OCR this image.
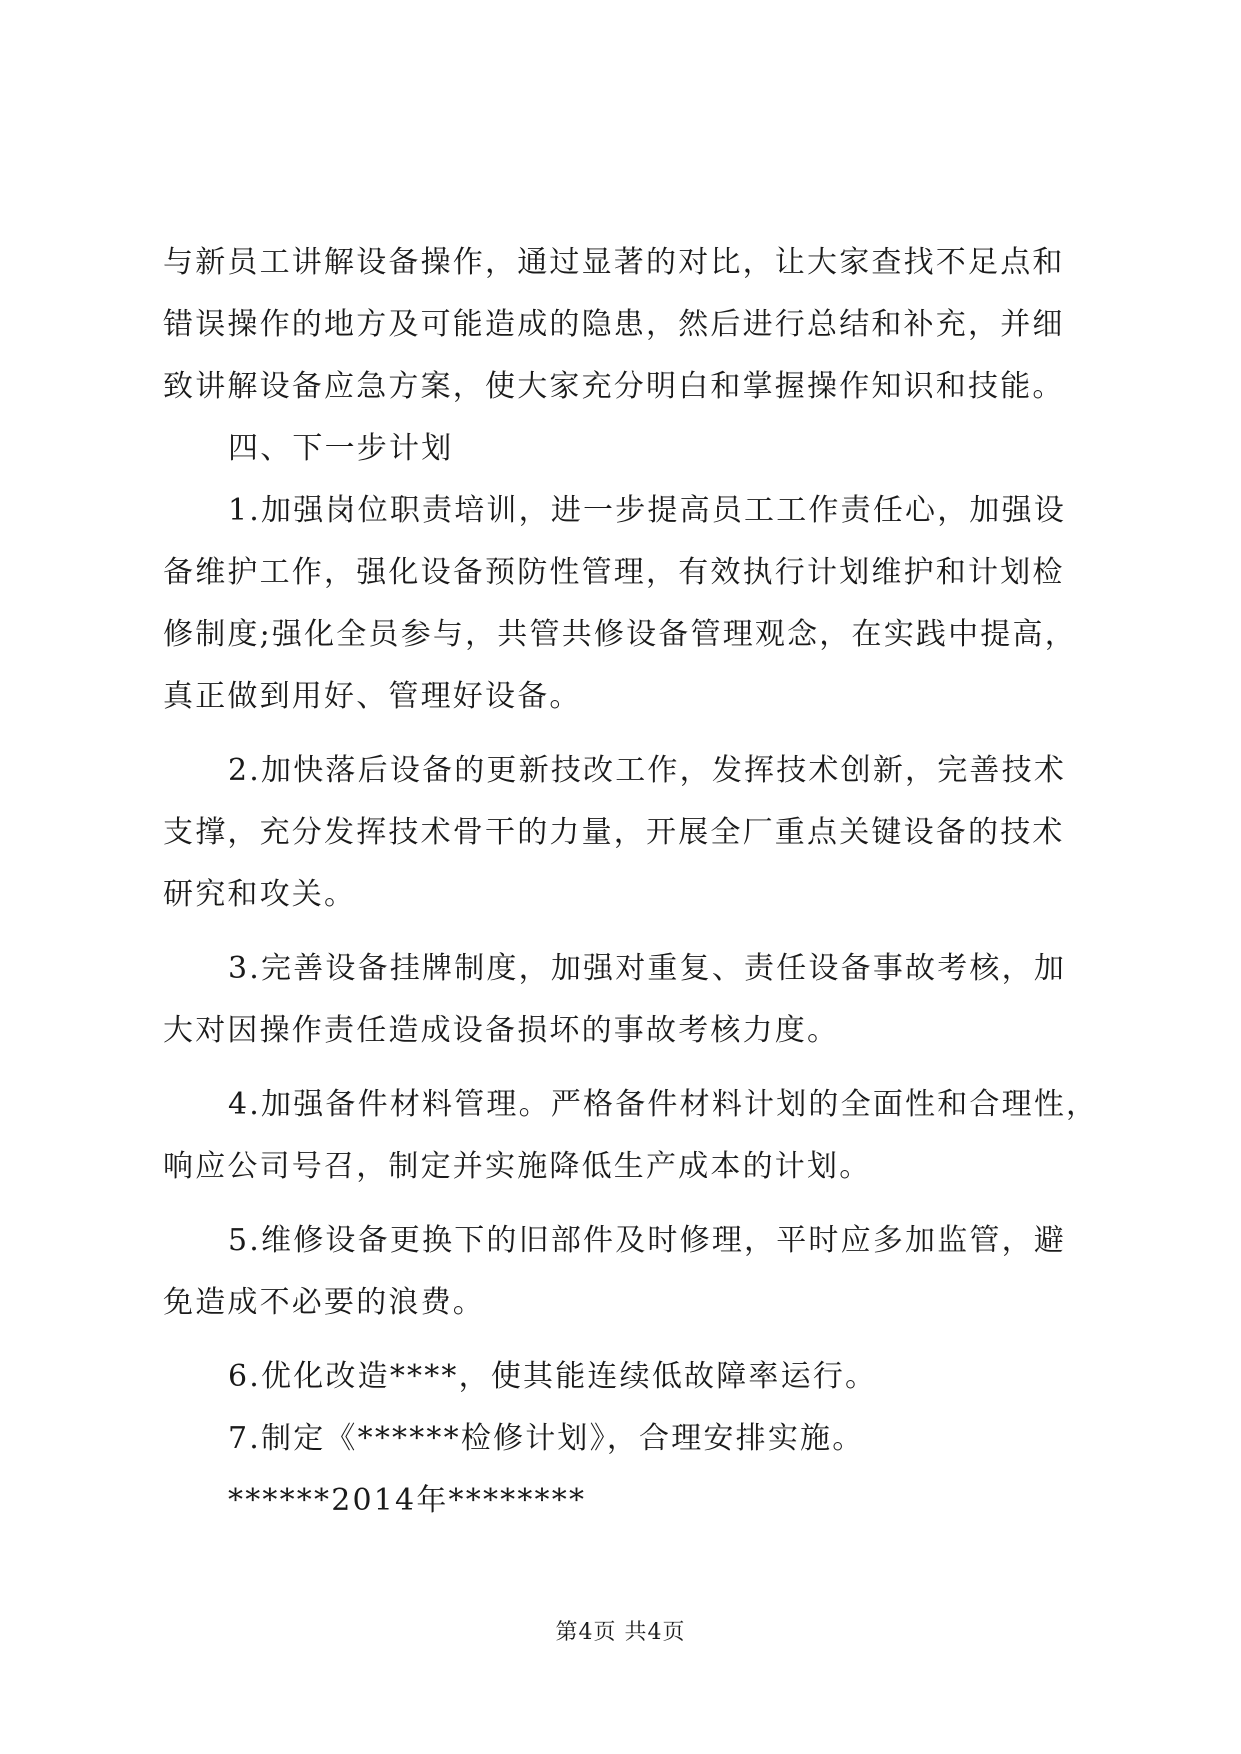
与新员工讲解设备操作，通过显著的对比，让大家查找不足点和
错误操作的地方及可能造成的隐患，然后进行总结和补充，并细
致讲解设备应急方案，使大家充分明白和掌握操作知识和技能。
四、下一步计划
1.加强岗位职责培训，进一步提高员工工作责任心，加强设
备维护工作，强化设备预防性管理，有效执行计划维护和计划检
修制度;强化全员参与，共管共修设备管理观念，在实践中提高，
真正做到用好、管理好设备。
2.加快落后设备的更新技改工作，发挥技术创新，完善技术
支撑，充分发挥技术骨干的力量，开展全厂重点关键设备的技术
研究和攻关。
3.完善设备挂牌制度，加强对重复、责任设备事故考核，加
大对因操作责任造成设备损坏的事故考核力度。
4.加强备件材料管理。严格备件材料计划的全面性和合理性，
响应公司号召，制定并实施降低生产成本的计划。
5.维修设备更换下的旧部件及时修理，平时应多加监管，避
免造成不必要的浪费。
6.优化改造****，使其能连续低故障率运行。
7.制定《******检修计划》，合理安排实施。
******2014年********
第4页 共4页
